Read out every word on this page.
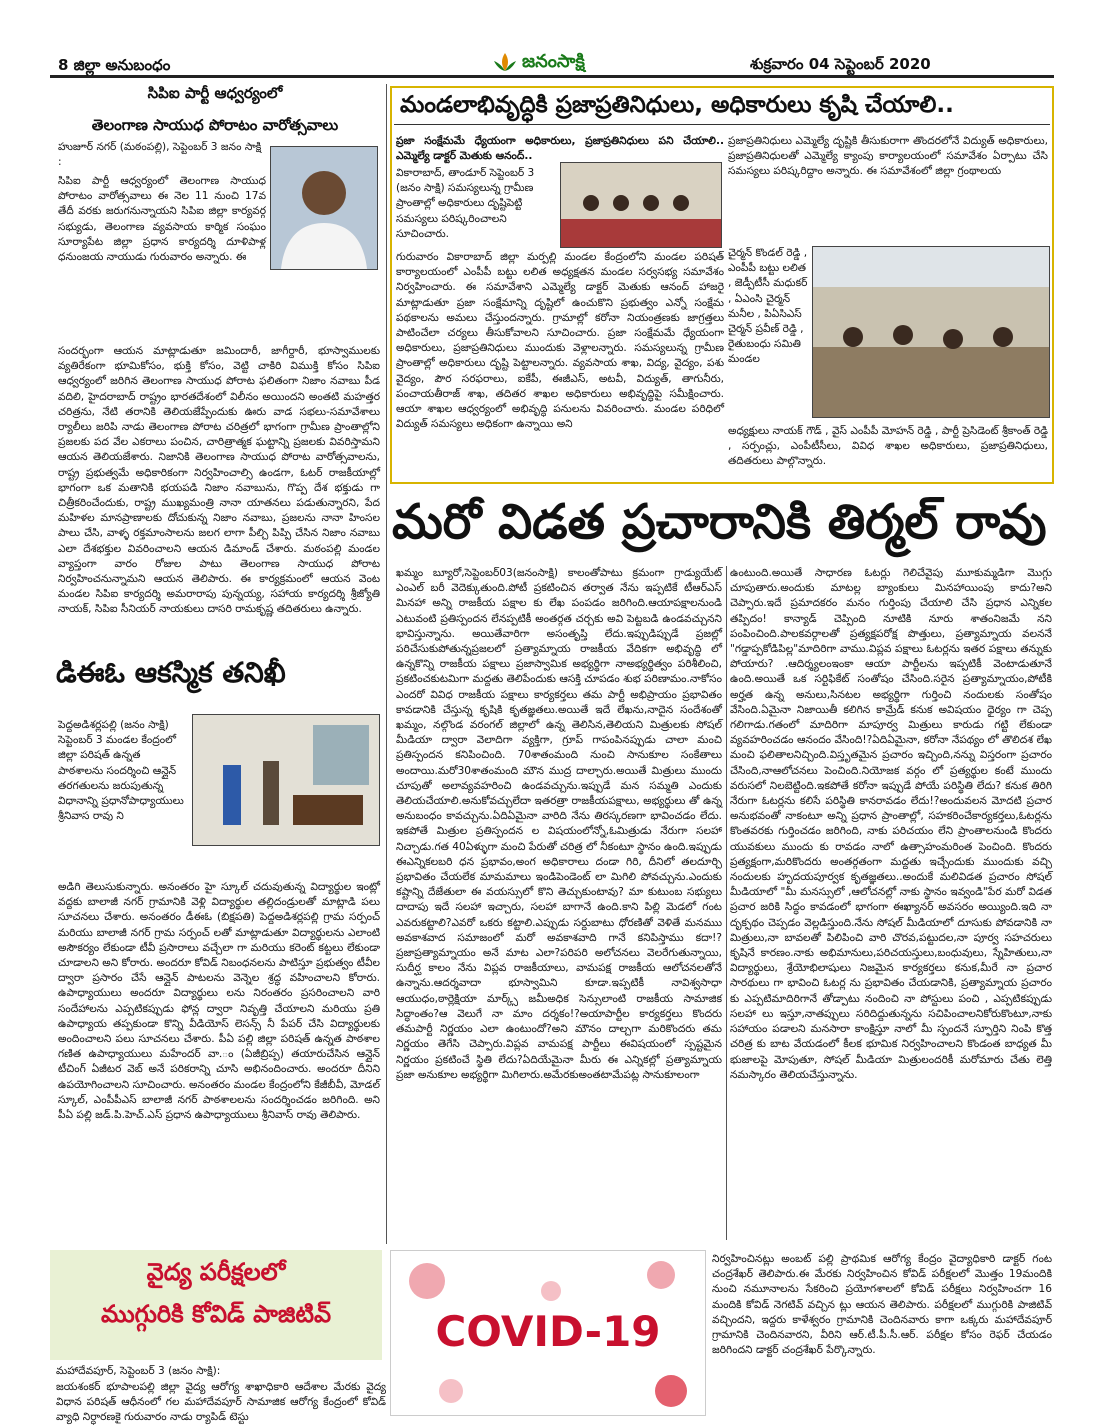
8 జిల్లా అనుబంధం	జనంసాక్షి	శుక్రవారం 04 సెప్టెంబర్ 2020
సిపిఐ పార్టీ ఆధ్వర్యంలో
తెలంగాణ సాయుధ పోరాటం వారోత్సవాలు
హుజూర్ నగర్ (మఠంపల్లి), సెప్టెంబర్ 3 జనం సాక్షి :
సిపిఐ పార్టీ ఆధ్వర్యంలో తెలంగాణ సాయుధ పోరాటం వారోత్సవాలు ఈ నెల 11 నుంచి 17వ తేదీ వరకు జరుగనున్నాయని సిపిఐ జిల్లా కార్యవర్గ సభ్యుడు, తెలంగాణ వ్యవసాయ కార్మిక సంఘం సూర్యాపేట జిల్లా ప్రధాన కార్యదర్శి దూళిపాళ్ల ధనుంజయ నాయుడు గురువారం అన్నారు. ఈ
సందర్భంగా ఆయన మాట్లాడుతూ జమిందారీ, జాగీర్దారీ, భూస్వాములకు వ్యతిరేకంగా భూమికోసం, భుక్తి కోసం, వెట్టి చాకిరి విముక్తి కోసం సిపిఐ ఆధ్వర్యంలో జరిగిన తెలంగాణ సాయుధ పోరాట ఫలితంగా నిజాం నవాబు పీడ వదిలి, హైదరాబాద్ రాష్ట్రం భారతదేశంలో విలీనం అయిందని అంతటి మహత్తర చరిత్రను, నేటి తరానికి తెలియజేప్పేందుకు ఊరు వాడ సభలు-సమావేశాలు ర్యాలీలు జరిపి నాడు తెలంగాణ పోరాట చరిత్రలో భాగంగా గ్రామీణ ప్రాంతాల్లోని ప్రజలకు పద వేల ఎకరాలు పంచిన, చారిత్రాత్మక ఘట్టాన్ని ప్రజలకు వివరిస్తామని ఆయన తెలియజేశారు. నిజానికి తెలంగాణ సాయుధ పోరాట వారోత్సవాలను, రాష్ట్ర ప్రభుత్వమే అధికారికంగా నిర్వహించాల్సి ఉండగా, ఓటర్ రాజకీయాల్లో భాగంగా ఒక మతానికి భయపడి నిజాం నవాబును, గొప్ప దేశ భక్తుడు గా చిత్రీకరించేందుకు, రాష్ట్ర ముఖ్యమంత్రి నానా యాతనలు పడుతున్నారని, పేద మహిళల మానప్రాణాలకు దోచుకున్న నిజాం నవాబు, ప్రజలను నానా హింసల పాలు చేసి, వాళ్ళ రక్తమాంసాలను జలగ లాగా పీల్చి పిప్పి చేసిన నిజాం నవాబు ఎలా దేశభక్తుల వివరించాలని ఆయన డిమాండ్ చేశారు. మఠంపల్లి మండల వ్యాప్తంగా వారం రోజుల పాటు తెలంగాణ సాయుధ పోరాట నిర్వహించనున్నామని ఆయన తెలిపారు. ఈ కార్యక్రమంలో ఆయన వెంట మండల సిపిఐ కార్యదర్శి అమరారాపు పున్నయ్య, సహాయ కార్యదర్శి శ్రీజ్యోతి నాయక్, సిపిఐ సీనియర్ నాయకులు దాసరి రామకృష్ణ తదితరులు ఉన్నారు.
డిఈఓ ఆకస్మిక తనిఖీ
పెద్దఅడిశర్లపల్లి (జనం సాక్షి) సెప్టెంబర్ 3 మండల కేంద్రంలో జిల్లా పరిషత్ ఉన్నత పాఠశాలను సందర్శించి ఆన్లైన్ తరగతులను జరుపుతున్న విధానాన్ని ప్రధానోపాధ్యాయులు శ్రీనివాస రావు ని
అడిగి తెలుసుకున్నారు. అనంతరం హై స్కూల్ చదువుతున్న విద్యార్థుల ఇంట్లో వద్దకు బాలాజీ నగర్ గ్రామానికి వెళ్లి విద్యార్థుల తల్లిదండ్రులతో మాట్లాడి పలు సూచనలు చేశారు. అనంతరం డీఈఓ (బిక్షపతి) పెద్దఅడిశర్లపల్లి గ్రామ సర్పంచ్ మరియు బాలాజీ నగర్ గ్రామ సర్పంచ్ లతో మాట్లాడుతూ విద్యార్థులను ఎలాంటి అసౌకర్యం లేకుండా టీవీ ప్రసారాలు వచ్చేలా గా మరియు కరెంట్ కట్టలు లేకుండా చూడాలని అని కోరారు. అందరూ కోవిడ్ నిబంధనలను పాటిస్తూ ప్రభుత్వం టీవీల ద్వారా ప్రసారం చేసే ఆన్లైన్ పాటలను వెన్నెల శ్రద్ధ వహించాలని కోరారు. ఉపాధ్యాయులు అందరూ విద్యార్థులు లను నిరంతరం ప్రసరించాలని వారి సందేహాలను ఎప్పటికప్పుడు ఫోన్ల ద్వారా నివృత్తి చేయాలని మరియు ప్రతి ఉపాధ్యాయ తప్పకుండా కొన్ని వీడియోస్ లెసన్స్ నీ పేపర్ చేసి విద్యార్థులకు అందించాలని పలు సూచనలు చేశారు. పీఏ పల్లి జిల్లా పరిషత్ ఉన్నత పాఠశాల గణిత ఉపాధ్యాయులు మహేందర్ వా.ం (ఏజీబ్రిప్ప) తయారుచేసిన ఆన్లైన్ టీచింగ్ ఏజీటర వెబ్ అనే పరికరాన్ని చూసి అభినందించారు. అందరూ దీనిని ఉపయోగించాలని సూచించారు. అనంతరం మండల కేంద్రంలోని కేజీబీవీ, మోడల్ స్కూల్, ఎంపీపీఎస్ బాలాజీ నగర్ పాఠశాలలను సందర్శించడం జరిగింది. అని పీఏ పల్లి జడ్.పి.హెచ్.ఎస్ ప్రధాన ఉపాధ్యాయులు శ్రీనివాస్ రావు తెలిపారు.
మండలాభివృద్ధికి ప్రజాప్రతినిధులు, అధికారులు కృషి చేయాలి..
ప్రజా సంక్షేమమే ధ్యేయంగా అధికారులు, ప్రజాప్రతినిధులు పని చేయాలి.. ఎమ్మెల్యే డాక్టర్ మెతుకు ఆనంద్..
వికారాబాద్, తాండూర్ సెప్టెంబర్ 3 (జనం సాక్షి) సమస్యలున్న గ్రామీణ ప్రాంతాల్లో అధికారులు దృష్టిపెట్టి సమస్యలు పరిష్కరించాలని సూచించారు.
గురువారం వికారాబాద్ జిల్లా మర్పల్లి మండల కేంద్రంలోని మండల పరిషత్ కార్యాలయంలో ఎంపీపీ బట్టు లలిత అధ్యక్షతన మండల సర్వసభ్య సమావేశం నిర్వహించారు. ఈ సమావేశాని ఎమ్మెల్యే డాక్టర్ మెతుకు ఆనంద్ హాజరై మాట్లాడుతూ ప్రజా సంక్షేమాన్ని దృష్టిలో ఉంచుకొని ప్రభుత్వం ఎన్నో సంక్షేమ పథకాలను అమలు చేస్తుందన్నారు. గ్రామాల్లో కరోనా నియంత్రణకు జాగ్రత్తలు పాటించేలా చర్యలు తీసుకోవాలని సూచించారు. ప్రజా సంక్షేమమే ధ్యేయంగా అధికారులు, ప్రజాప్రతినిధులు ముందుకు వెళ్లాలన్నారు. సమస్యలున్న గ్రామీణ ప్రాంతాల్లో అధికారులు దృష్టి పెట్టాలన్నారు. వ్యవసాయ శాఖ, విద్య, వైద్యం, పశు వైద్యం, పౌర సరఫరాలు, ఐకేపీ, ఈజీఎస్, అటవీ, విద్యుత్, తాగునీరు, పంచాయతీరాజ్ శాఖ, తదితర శాఖల అధికారులు అభివృద్ధిపై సమీక్షించారు. ఆయా శాఖల ఆధ్వర్యంలో అభివృద్ధి పనులను వివరించారు. మండల పరిధిలో విద్యుత్ సమస్యలు అధికంగా ఉన్నాయి అని
ప్రజాప్రతినిధులు ఎమ్మెల్యే దృష్టికి తీసుకురాగా తొందరలోనే విద్యుత్ అధికారులు, ప్రజాప్రతినిధులతో ఎమ్మెల్యే క్యాంపు కార్యాలయంలో సమావేశం ఏర్పాటు చేసి సమస్యలు పరిష్కరిద్దాం అన్నారు. ఈ సమావేశంలో జిల్లా గ్రంథాలయ
చైర్మన్ కొండల్ రెడ్డి , ఎంపీపీ బట్టు లలిత , జెడ్పీటీసీ మధుకర్ , ఏఎంసి చైర్మన్ మనీల , పిఏసిఎస్ చైర్మన్ ప్రవీణ్ రెడ్డి , రైతుబంధు సమితి మండల
అధ్యక్షులు నాయక్ గౌడ్ , వైస్ ఎంపీపీ మోహన్ రెడ్డి , పార్టీ ప్రెసిడెంట్ శ్రీకాంత్ రెడ్డి , సర్పంచ్లు, ఎంపీటీసీలు, వివిధ శాఖల అధికారులు, ప్రజాప్రతినిధులు, తదితరులు పాల్గొన్నారు.
మరో విడత ప్రచారానికి తిర్మల్ రావు
ఖమ్మం బ్యూరో,సెప్టెంబర్03(జనంసాక్షి) కాలంతోపాటు క్రమంగా గ్రాడ్యుయేట్ ఎంఎల్ బరీ వెదెక్కుతుంది.పోటీ ప్రకటించిన తర్వాత నేను ఇప్పటికే టీఆర్ఎస్ మినహా అన్ని రాజకీయ పక్షాల కు లేఖ పంపడం జరిగింది.ఆయాపక్షాలనుండి ఎటువంటి ప్రతిస్పందన లేనప్పటికీ అంతర్గత చర్చకు అవి పెట్టబడి ఉండవచ్చునని భావిస్తున్నాను. అయితేవారిగా అసంతృప్తి లేదు.ఇప్పుడిప్పుడే ప్రజల్లో పరిచేసుకుపోతున్నప్రజలలో ప్రత్యామ్నాయ రాజకీయ వేదికగా అభివృద్ధి లో ఉన్నకొన్ని రాజకీయ పక్షాలు ప్రజాస్వామిక అభ్యర్థిగా నాఅభ్యర్థిత్వం పరిశీలించి, ప్రకటించకుటమిగా మద్దతు తెలిపేందుకు ఆసక్తి చూపడం శుభ పరిణామం.నాకోసం ఎందరో వివిధ రాజకీయ పక్షాలు కార్యకర్తలు తమ పార్టీ అభిప్రాయం ప్రభావితం కావడానికి చేస్తున్న కృషికి కృతజ్ఞతలు.అయితే ఇదే లేఖను,నాదైన సందేశంతో ఖమ్మం, నల్గొండ వరంగల్ జిల్లాలో ఉన్న తెలిసిన,తెలియని మిత్రులకు సోషల్ మీడియా ద్వారా వెలాదిగా వ్యక్తిగా, గ్రూప్ గాపంపినప్పుడు చాలా మంచి ప్రతిస్పందన కనిపించింది. 70శాతంమంది నుంచి సానుకూల సంకేతాలు అందాయి.మరో30శాతంమంది మౌన ముద్ర దాల్చారు.అయితే మిత్రులు ముందు చూపుతో అలావ్యవహరించి ఉండవచ్చును.ఇప్పుడే మన సమ్మతి ఎందుకు తెలియచేయాలి.అనుకోవచ్చులేదా ఇతరత్రా రాజకీయపక్షాలు, అభ్యర్థులు తో ఉన్న అనుబంధం కావచ్చును.ఏదిఏమైనా వారిది నేను తిరస్కరణగా భావించడం లేదు. ఇకపోతే మిత్రుల ప్రతిస్పందన ల విషయంలోన్నో,ఓమిత్రుడు నేరుగా సలహా నిచ్చాడు.గత 40ఏళ్ళుగా మంచి పేరుతో చరిత్ర లో నీకంటూ స్థానం ఉంది.ఇప్పుడు ఈఎన్నికలబరి ధన ప్రభావం,అంగ అధికారాలు దండా గిరి, దీనిలో తలదూర్చి ప్రభావితం చేయలేక మామమాలు ఇండిపెండెంట్ లా మిగిలి పోవచ్చును.ఎందుకు కష్టాన్ని దేజేతులా ఈ వయస్సులో కొని తెచ్చుకుంటావు? మా కుటుంబ సభ్యులు దాదాపు ఇదే సలహా ఇచ్చారు, సలహా బాగానే ఉంది.కాని పిల్లి మెడలో గంట ఎవరుకట్టాలి?ఎవరో ఒకరు కట్టాలి.ఎప్పుడు సర్దుబాటు ధోరణితో వెళితే మనముు అవకాశవాద సమాజంలో మరో అవకాశవాది గానే కనిపిస్తాము కదా!?ప్రజాప్రత్యామ్నాయం అనే మాట ఎలా?పరిపరి అలోచనలు వెలరేగుతున్నాయి, సుదీర్ఘ కాలం నేను విప్లవ రాజకీయాలు, వామపక్ష రాజకీయ ఆలోచనలతోనే ఉన్నాను.ఆదర్శవాదా భూస్వామిని కూడా.ఇప్పటికీ నావిశ్వసాధా ఆయుధం,ఠార్లెక్షియా మార్క్స్ జమీఅధిక సెన్సులాంటి రాజకీయ సామాజిక సిద్ధాంతం?ఆ వెలుగే నా మాం దర్శకం!?అయాపార్టీల కార్యకర్తలు కొందరు తమపార్టీ నిర్ణయం ఎలా ఉంటుందో?అని మౌనం దాల్చగా మరికొందరు తమ నిర్ణయం తెగేసి చెప్పారు.విప్లవ వామపక్ష పార్టీలు ఈవిషయంలో స్పష్టమైన నిర్ణయం ప్రకటించే స్థితి లేదు?ఏదియేమైనా మీరు ఈ ఎన్నికల్లో ప్రత్యామ్నాయ ప్రజా అనుకూల అభ్యర్థిగా మిగిలారు.అమేరకుఅంతటామేపట్ల సానుకూలంగా
ఉంటుంది.అయితే సాధారణ ఓటర్లు గెలిచేవైపు మూకుమ్మడిగా మొగ్గు చూపుతారు.అందుకు మాటల్ల బ్యాంకులు మినహాయింపు కాదు?అని చెప్పారు.ఇదే ప్రమాదకరం మనం గుర్తింపు చేయాలి చేసి ప్రధాన ఎన్నికల తప్పిదం! కాన్యాడ్ చెప్పింది నూటికి నూరు శాతంనిజమే నని పంపించింది.పాలకవర్గాలతో ప్రత్యక్షపరోక్ష పొత్తులు, ప్రత్యామ్నాయ వలననే "గడ్డాప్పకోడిపిల్ల"మాదిరిగా వాము.విప్లవ పక్షాలు ఓటర్లను ఇతర పక్షాలు తన్నుకు పోయారు? .ఆదిర్శ్యలంఇంకా ఆయా పార్టీలను ఇప్పటికీ వెంటాడుతూనే ఉంది.అయితే ఒక సర్టిఫికేట్ సంతోషం చేసింది.సరైన ప్రత్యామ్నాయం,పోటీకి అర్హత ఉన్న అనులు,సినటల అభ్యర్థిగా గుర్తించి నందులకు సంతోషం వేసింది.ఏమైనా నిజాయితీ కలిగిన కామ్రేడ్ కనుక అవిషయం ధైర్యం గా చెప్ప గలిగాడు.గతంలో మాదిరిగా మాపూర్వ మిత్రులు కారుడు గట్టి లేకుండా వ్యవహరించడం ఆనందం వేసింది!?ఏదిఏమైనా, కరోనా నేపథ్యం లో తొలిదశ లేఖ మంచి ఫలితాలనిచ్చింది.విస్తృతమైన ప్రచారం ఇచ్చింది,నన్ను విస్తరంగా ప్రచారం చేసింది,నాఆలోచనలు పెంచింది.నియోజక వర్గం లో ప్రత్యర్థుల కంటే ముందు వరుసలో నిలబెట్టింది.ఇకపోతే కరోనా ఇప్పుడే పోయే పరిస్థితి లేదు? కనుక తిరిగి నేరుగా ఓటర్లను కలిసే పరిస్థితి కానరావడం లేదు!?అందువలన మోదటి ప్రచార అనుభవంతో నాకంటూ అన్ని ప్రధాన ప్రాంతాల్లో, సహకరించేకార్యకర్తలు,ఓటర్లను కొంతవరకు గుర్తించడం జరిగింది, నాకు పరిచయం లేని ప్రాంతాలనుండి కొందరు యువకులు ముందు కు రావడం నాలో ఉత్సాహంమరింత పెంచింది. కొందరు ప్రత్యక్షంగా,మరికొందరు అంతర్గతంగా మద్దతు ఇచ్చేందుకు ముందుకు వచ్చి నందులకు హృదయపూర్వక కృతజ్ఞతలు..అందుకే మలివిడత ప్రచారం సోషల్ మీడియాలో "మీ మనస్సులో ,ఆలోచనల్లో నాకు స్థానం ఇవ్వండి"పేర మరో విడత ప్రచార జరికి సిద్ధం కావడంలో భాగంగా ఈఖ్యానర్ అవసరం అయ్యింది.ఇది నా దృక్పథం చెప్పడం వెల్లడిస్తుంది.నేను సోషల్ మీడియాలో దూసుకు పోవడానికి నా మిత్రులు,నా బావలతో పిలిపించి వారి చొరవ,పట్టుదల,నా పూర్వ సహచరులు కృషినే కారణం.నాకు అభిమానులు,పరిచయస్తులు,బంధువులు, స్నేహితులు,నా విద్యార్థులు, శ్రేయోభిలాషులు నిజమైన కార్యకర్తలు కనుక,మీరే నా ప్రచార సారథులు గా భావించి ఓటర్ల ను ప్రభావితం చేయడానికి, ప్రత్యామ్నాయ ప్రచారం కు ఎప్పటిమాదిరిగానే తోడ్పాటు నందించి నా పోస్టులు పంచి , ఎప్పటికప్పుడు సలహా లు ఇస్తూ,నాతప్పులు సరిదిద్దుతున్నను సచిపించాలనికోరుకొంటూ,నాకు సహాయం పడాలని మనసారా కాంక్షిస్తూ నాలో మీ స్పందనే స్ఫూర్తిని నింపి కొత్త చరిత్ర కు బాట వేయడంలో కీలక భూమిక నిర్వహించాలని కొండంత బాధ్యత మీ భుజాలపై మోపుతూ, సోషల్ మీడియా మిత్రులందరికీ మరోమారు చేతు లెత్తి నమస్కారం తెలియచేస్తున్నాను.
వైద్య పరీక్షలలో
ముగ్గురికి కోవిడ్ పాజిటివ్
మహాదేవపూర్, సెప్టెంబర్ 3 (జనం సాక్షి):
జయశంకర్ భూపాలపల్లి జిల్లా వైద్య ఆరోగ్య శాఖాధికారి ఆదేశాల మేరకు వైద్య విధాన పరిషత్ ఆధీనంలో గల మహాదేవపూర్ సామాజిక ఆరోగ్య కేంద్రంలో కోవిడ్ వ్యాధి నిర్ధారణకై గురువారం నాడు ర్యాపిడ్ టెస్టు
COVID-19
నిర్వహించినట్లు అంబట్ పల్లి ప్రాథమిక ఆరోగ్య కేంద్రం వైద్యాధికారి డాక్టర్ గంట చంద్రశేఖర్ తెలిపారు.ఈ మేరకు నిర్వహించిన కోవిడ్ పరీక్షలలో మొత్తం 19మందికి నుంచి నమూనాలను సేకరించి ప్రయోగశాలలో కోవిడ్ పరీక్షలు నిర్వహించగా 16 మందికి కోవిడ్ నెగటివ్ వచ్చిన ట్లు ఆయన తెలిపారు. పరీక్షలలో ముగ్గురికి పాజిటివ్ వచ్చిందని, ఇద్దరు కాళేశ్వరం గ్రామానికి చెందినవారు కాగా ఒక్కరు మహాదేవపూర్ గ్రామానికి చెందినవారని, వీరిని ఆర్.టీ.పీ.సీ.ఆర్. పరీక్షల కోసం రెఫర్ చేయడం జరిగిందని డాక్టర్ చంద్రశేఖర్ పేర్కొన్నారు.
